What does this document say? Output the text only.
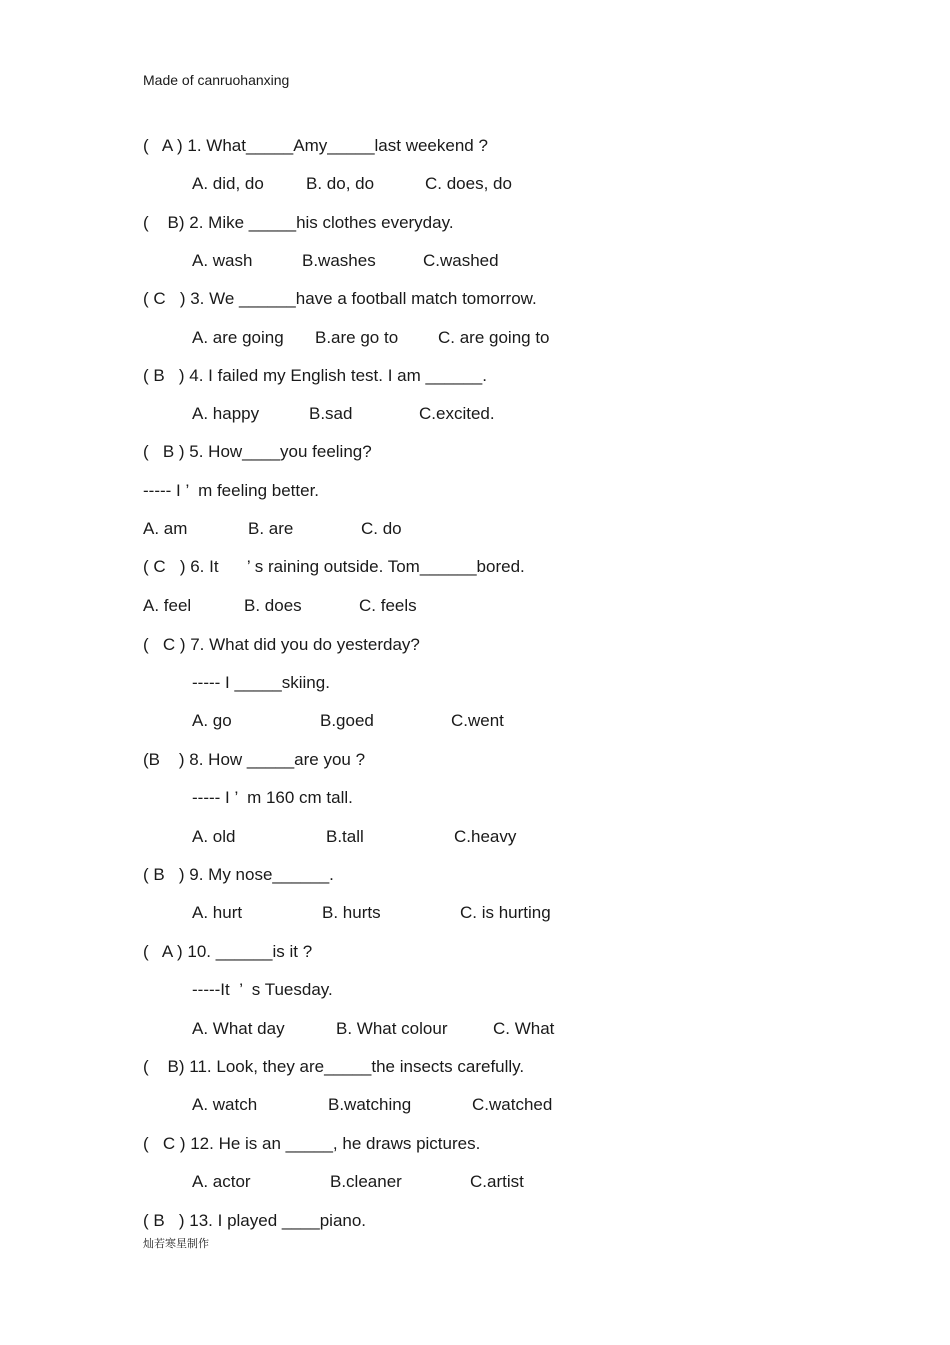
Made of canruohanxing
(   A ) 1. What_____Amy_____last weekend ?
A. did, do B. do, do	C. does, do
(    B) 2. Mike _____his clothes everyday.
A. wash	B.washes	C.washed
( C   ) 3. We ______have a football match tomorrow.
A. are going B.are go to C. are going to
( B   ) 4. I failed my English test. I am ______.
A. happy	B.sad	C.excited.
(   B ) 5. How____you feeling?
----- I ’  m feeling better.
A. am	B. are	C. do
( C   ) 6. It      ’ s raining outside. Tom______bored.
A. feel	B. does	C. feels
(   C ) 7. What did you do yesterday?
----- I _____skiing.
A. go	B.goed	C.went
(B    ) 8. How _____are you ?
----- I ’  m 160 cm tall.
A. old	B.tall	C.heavy
( B   ) 9. My nose______.
A. hurt	B. hurts	C. is hurting
(   A ) 10. ______is it ?
-----It  ’  s Tuesday.
A. What day	B. What colour	C. What
(    B) 11. Look, they are_____the insects carefully.
A. watch	B.watching	C.watched
(   C ) 12. He is an _____, he draws pictures.
A. actor	B.cleaner	C.artist
( B   ) 13. I played ____piano.
灿若寒星制作
